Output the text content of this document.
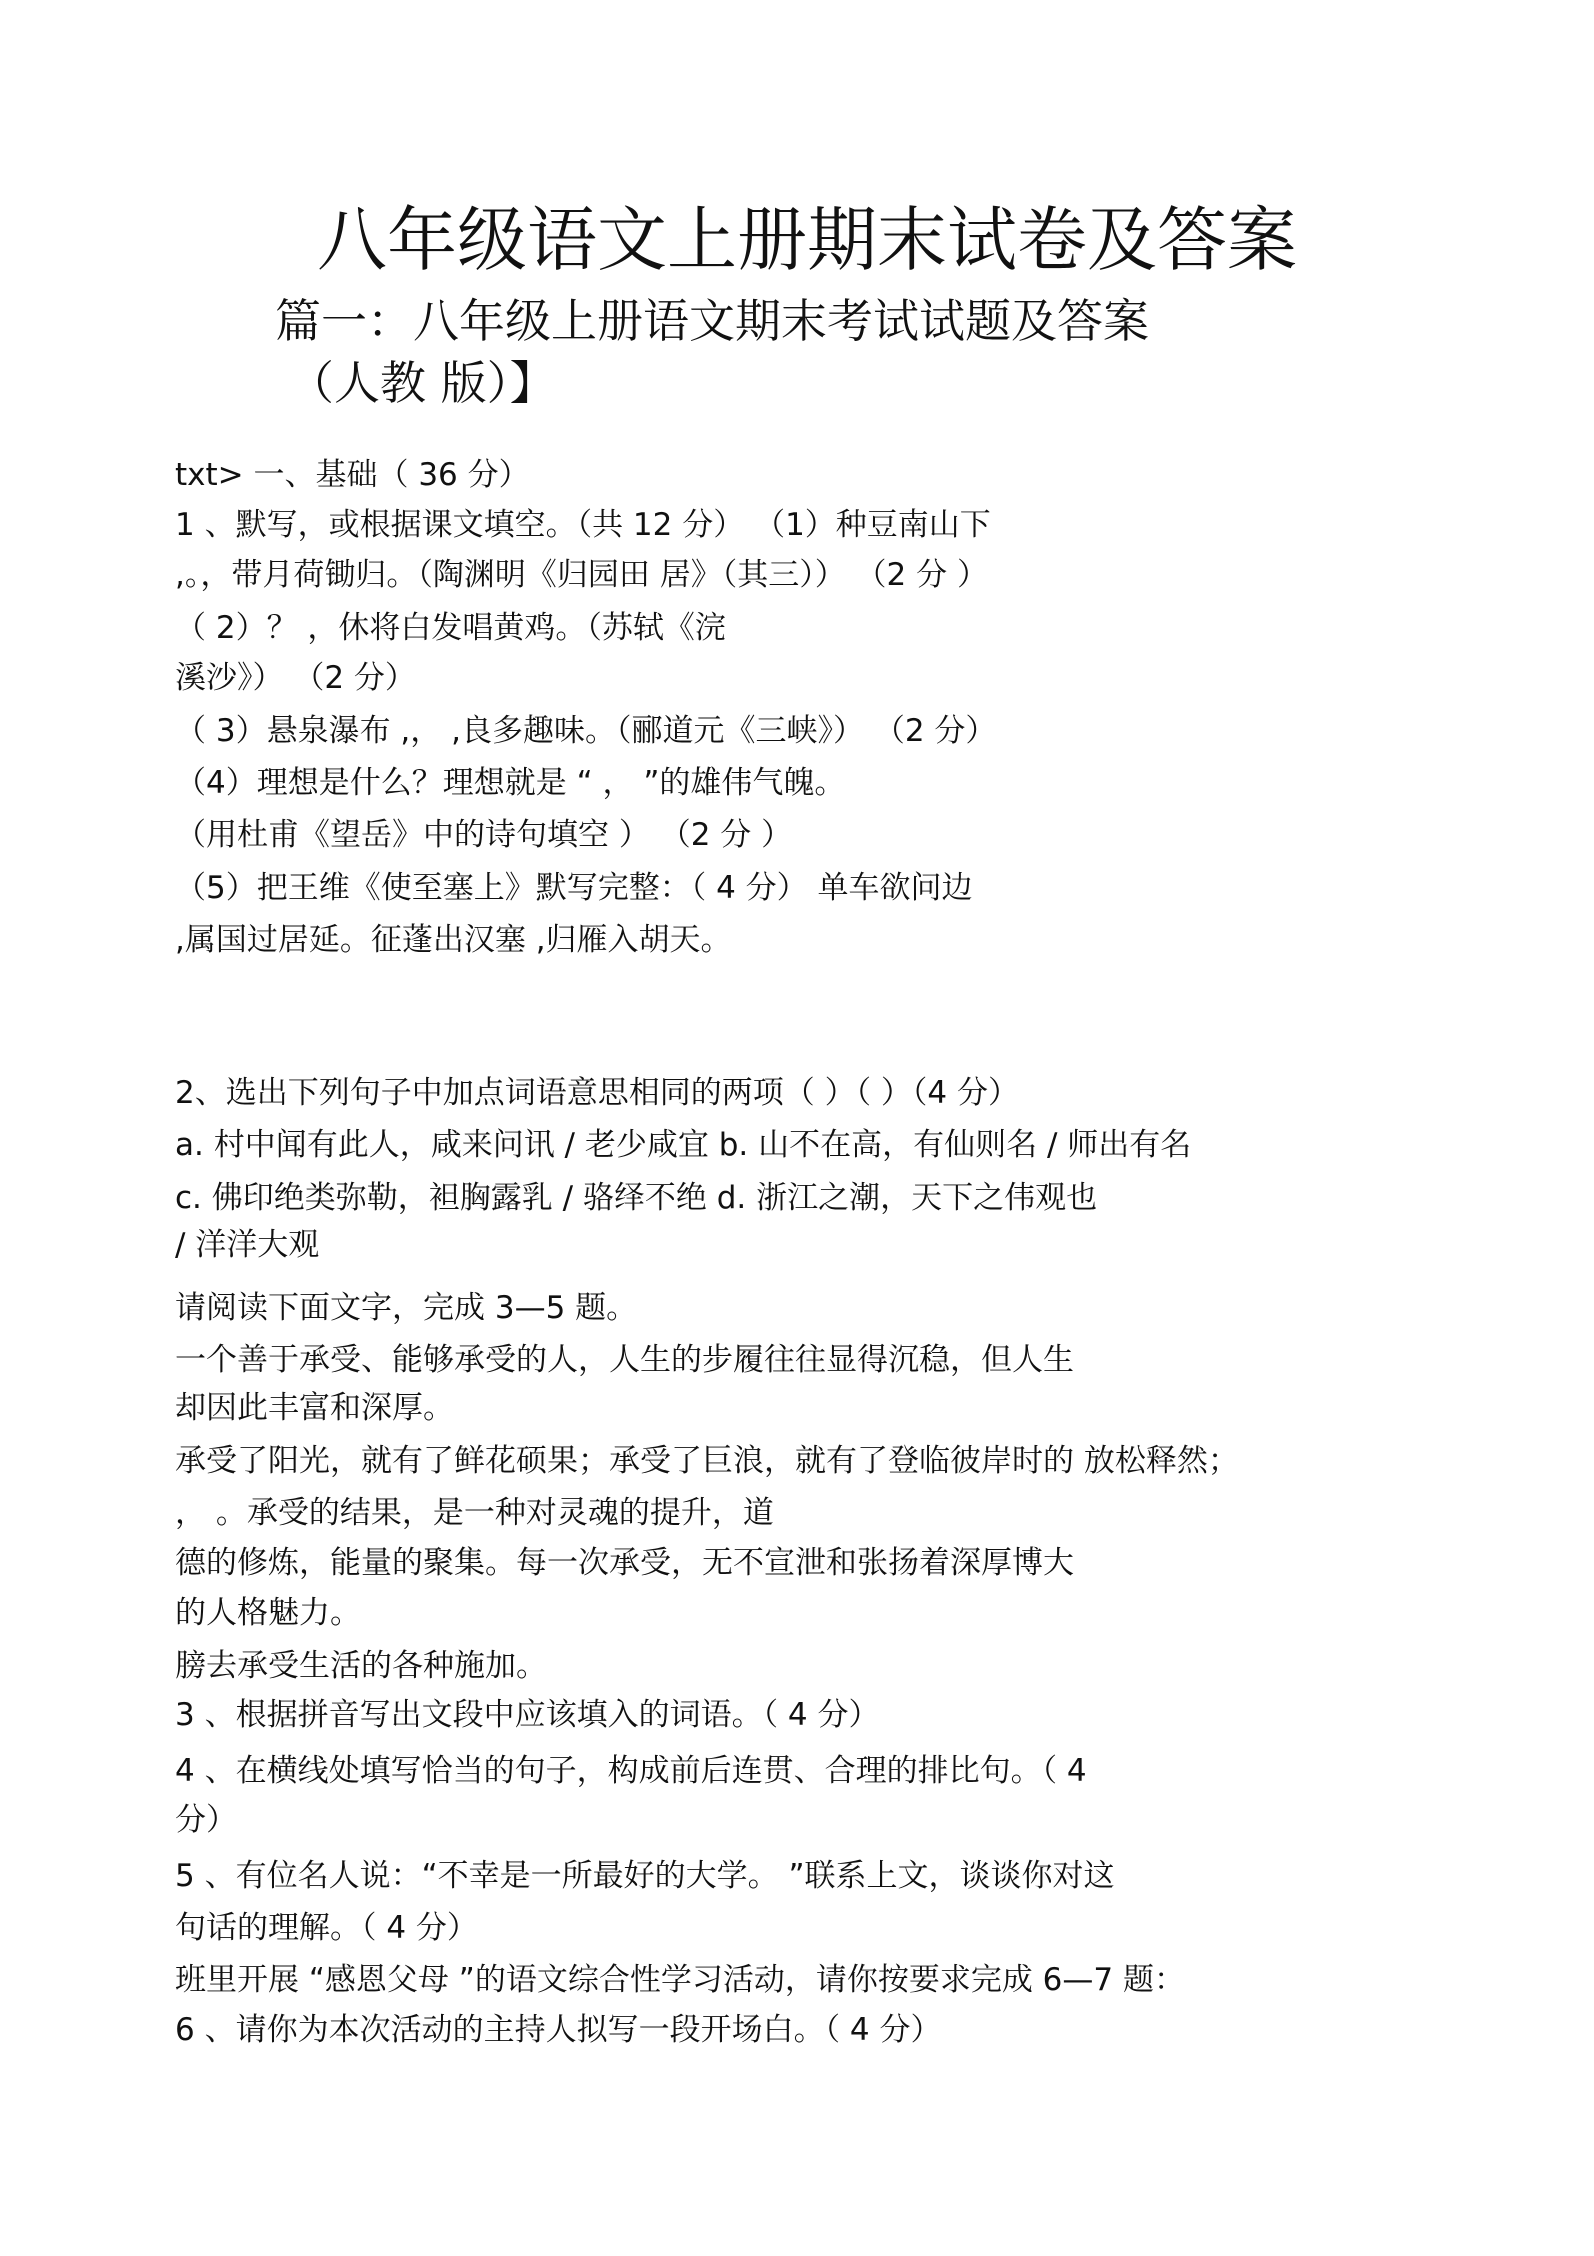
八年级语文上册期末试卷及答案
篇一：八年级上册语文期末考试试题及答案
（人教 版）】
txt> 一、基础（ 36 分）
1 、默写，或根据课文填空。（共 12 分） （1）种豆南山下
,。，带月荷锄归。（陶渊明《归园田 居》（其三）） （2 分 ）
（ 2）？ ，休将白发唱黄鸡。（苏轼《浣
溪沙》） （2 分）
（ 3）悬泉瀑布 ,， ,良多趣味。（郦道元《三峡》） （2 分）
（4）理想是什么？理想就是 “ ， ”的雄伟气魄。
（用杜甫《望岳》中的诗句填空 ） （2 分 ）
（5）把王维《使至塞上》默写完整：（ 4 分） 单车欲问边
,属国过居延。征蓬出汉塞 ,归雁入胡天。
2、选出下列句子中加点词语意思相同的两项（ ）（ ）（4 分）
a. 村中闻有此人，咸来问讯 / 老少咸宜 b. 山不在高，有仙则名 / 师出有名
c. 佛印绝类弥勒，袒胸露乳 / 骆绎不绝 d. 浙江之潮，天下之伟观也
/ 洋洋大观
请阅读下面文字，完成 3—5 题。
一个善于承受、能够承受的人，人生的步履往往显得沉稳，但人生
却因此丰富和深厚。
承受了阳光，就有了鲜花硕果；承受了巨浪，就有了登临彼岸时的 放松释然；
， 。承受的结果，是一种对灵魂的提升，道
德的修炼，能量的聚集。每一次承受，无不宣泄和张扬着深厚博大
的人格魅力。
膀去承受生活的各种施加。
3 、根据拼音写出文段中应该填入的词语。（ 4 分）
4 、在横线处填写恰当的句子，构成前后连贯、合理的排比句。（ 4
分）
5 、有位名人说：“不幸是一所最好的大学。 ”联系上文，谈谈你对这
句话的理解。（ 4 分）
班里开展 “感恩父母 ”的语文综合性学习活动，请你按要求完成 6—7 题：
6 、请你为本次活动的主持人拟写一段开场白。（ 4 分）
